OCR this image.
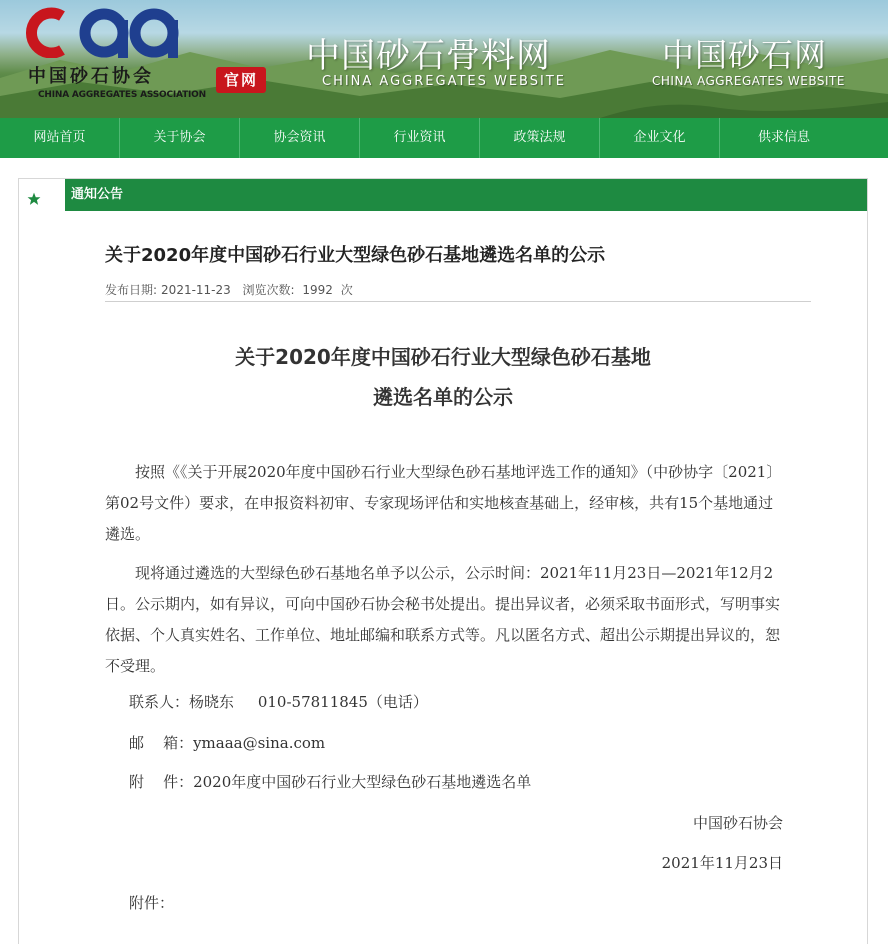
中国砂石协会
CHINA AGGREGATES ASSOCIATION
官网
中国砂石骨料网
CHINA AGGREGATES WEBSITE
中国砂石网
CHINA AGGREGATES WEBSITE
网站首页	关于协会	协会资讯	行业资讯	政策法规	企业文化	供求信息
通知公告
关于2020年度中国砂石行业大型绿色砂石基地遴选名单的公示
发布日期: 2021-11-23 浏览次数: 1992 次
关于2020年度中国砂石行业大型绿色砂石基地
遴选名单的公示
按照《《关于开展2020年度中国砂石行业大型绿色砂石基地评选工作的通知》（中砂协字〔2021〕第02号文件）要求，在申报资料初审、专家现场评估和实地核查基础上，经审核，共有15个基地通过遴选。
现将通过遴选的大型绿色砂石基地名单予以公示，公示时间：2021年11月23日—2021年12月2日。公示期内，如有异议，可向中国砂石协会秘书处提出。提出异议者，必须采取书面形式，写明事实依据、个人真实姓名、工作单位、地址邮编和联系方式等。凡以匿名方式、超出公示期提出异议的，恕不受理。
联系人：杨晓东     010-57811845（电话）
邮    箱：ymaaa@sina.com
附    件：2020年度中国砂石行业大型绿色砂石基地遴选名单
中国砂石协会
2021年11月23日
附件：
